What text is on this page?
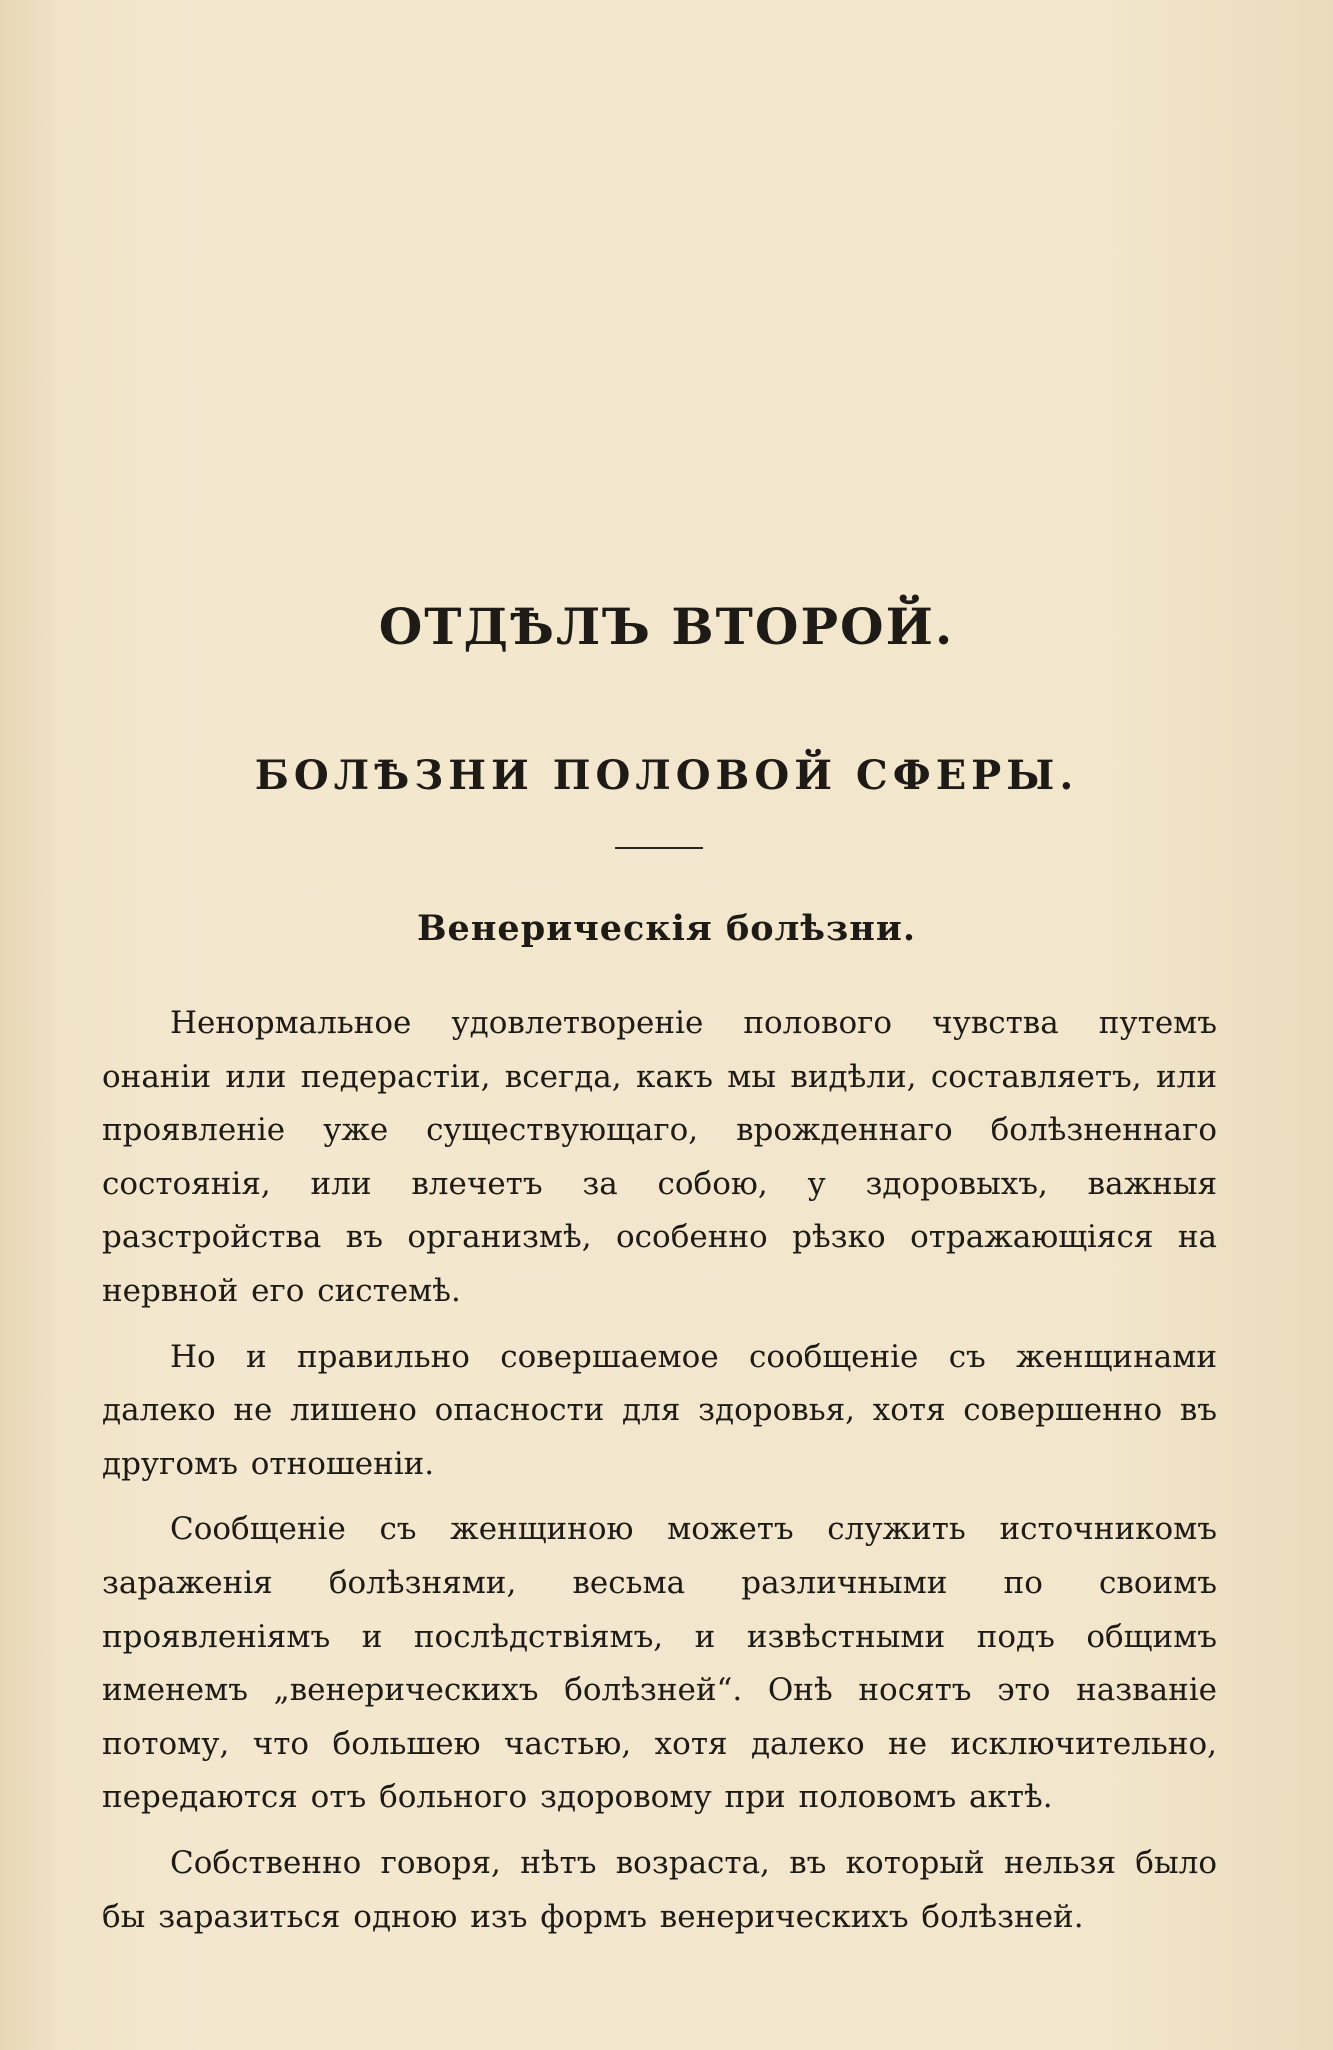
ОТДѢЛЪ ВТОРОЙ.
БОЛѢЗНИ ПОЛОВОЙ СФЕРЫ.
Венерическія болѣзни.

Ненормальное удовлетвореніе полового чувства путемъ онаніи или педерастіи, всегда, какъ мы видѣли, составляетъ, или проявленіе уже существующаго, врожденнаго болѣзненнаго состоянія, или влечетъ за собою, у здоровыхъ, важныя разстройства въ организмѣ, особенно рѣзко отражающіяся на нервной его системѣ.

Но и правильно совершаемое сообщеніе съ женщинами далеко не лишено опасности для здоровья, хотя совершенно въ другомъ отношеніи.

Сообщеніе съ женщиною можетъ служить источникомъ зараженія болѣзнями, весьма различными по своимъ проявленіямъ и послѣдствіямъ, и извѣстными подъ общимъ именемъ „венерическихъ болѣзней“. Онѣ носятъ это названіе потому, что большею частью, хотя далеко не исключительно, передаются отъ больного здоровому при половомъ актѣ.

Собственно говоря, нѣтъ возраста, въ который нельзя было бы заразиться одною изъ формъ венерическихъ болѣзней.
